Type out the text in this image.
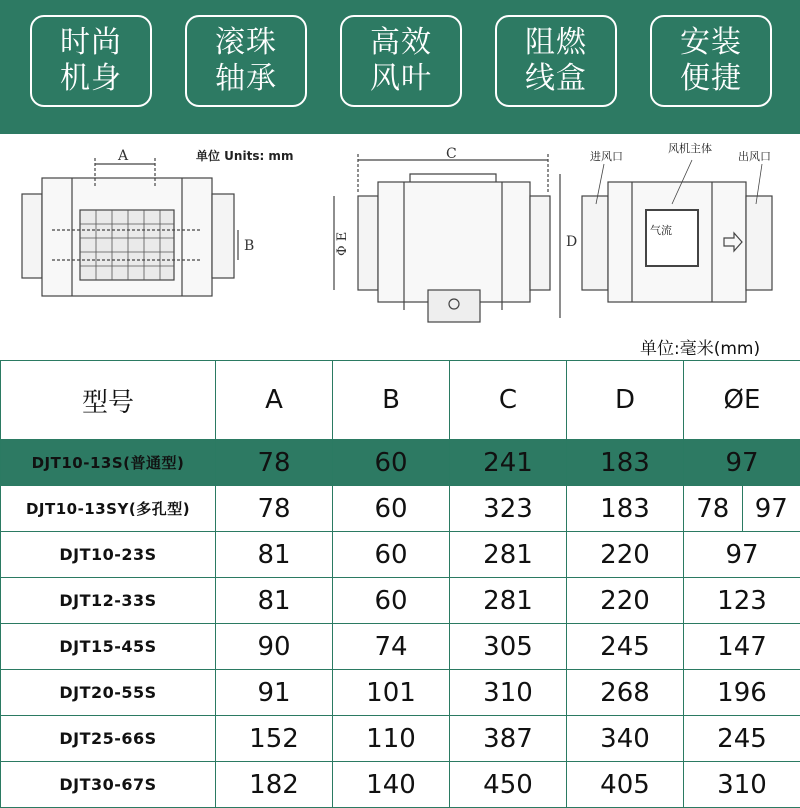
时尚
机身
滚珠
轴承
高效
风叶
阻燃
线盒
安装
便捷
A
B
单位 Units: mm	C
D
Φ E
气流
进风口
风机主体
出风口
单位:毫米(mm)
型号	A	B	C	D	ØE
DJT10-13S(普通型)	78	60	241	183	97
DJT10-13SY(多孔型)	78	60	323	183	78 97

DJT10-23S	81	60	281	220	97
DJT12-33S	81	60	281	220	123
DJT15-45S	90	74	305	245	147
DJT20-55S	91	101	310	268	196
DJT25-66S	152	110	387	340	245
DJT30-67S	182	140	450	405	310
